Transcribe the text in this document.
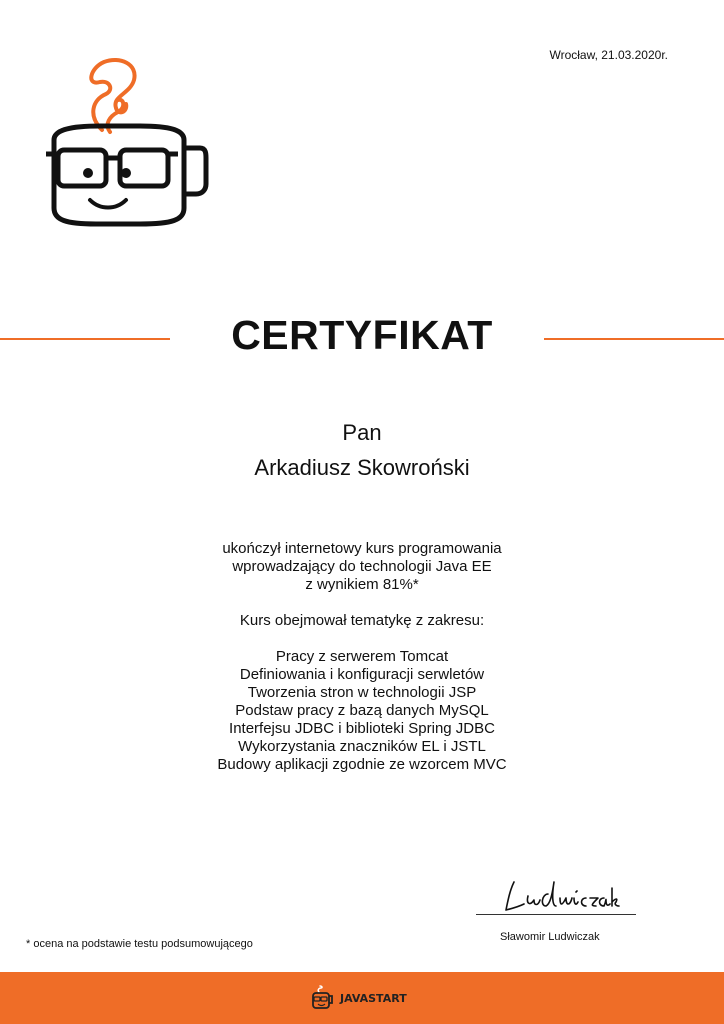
Wrocław, 21.03.2020r.
CERTYFIKAT
Pan
Arkadiusz Skowroński
ukończył internetowy kurs programowania
wprowadzający do technologii Java EE
z wynikiem 81%*
Kurs obejmował tematykę z zakresu:
Pracy z serwerem Tomcat
Definiowania i konfiguracji serwletów
Tworzenia stron w technologii JSP
Podstaw pracy z bazą danych MySQL
Interfejsu JDBC i biblioteki Spring JDBC
Wykorzystania znaczników EL i JSTL
Budowy aplikacji zgodnie ze wzorcem MVC
Sławomir Ludwiczak
* ocena na podstawie testu podsumowującego
JAVASTART
